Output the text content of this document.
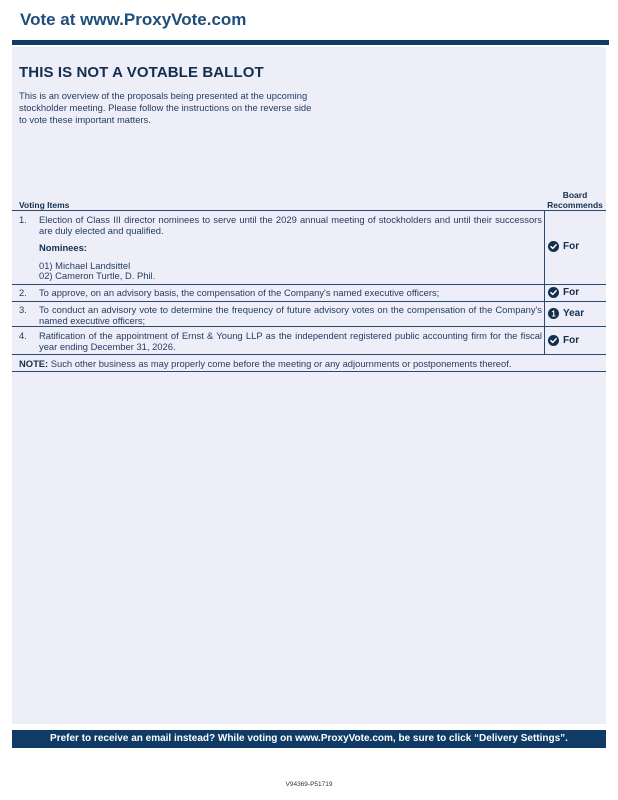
Vote at www.ProxyVote.com
THIS IS NOT A VOTABLE BALLOT
This is an overview of the proposals being presented at the upcoming stockholder meeting. Please follow the instructions on the reverse side to vote these important matters.
Voting Items
Board
Recommends
1. Election of Class III director nominees to serve until the 2029 annual meeting of stockholders and until their successors are duly elected and qualified.
Nominees:
01) Michael Landsittel
02) Cameron Turtle, D. Phil.
For
2. To approve, on an advisory basis, the compensation of the Company's named executive officers;	For
3. To conduct an advisory vote to determine the frequency of future advisory votes on the compensation of the Company's named executive officers;
1 Year
4. Ratification of the appointment of Ernst & Young LLP as the independent registered public accounting firm for the fiscal year ending December 31, 2026.
For
NOTE: Such other business as may properly come before the meeting or any adjournments or postponements thereof.
Prefer to receive an email instead? While voting on www.ProxyVote.com, be sure to click “Delivery Settings”.
V94369-P51719
